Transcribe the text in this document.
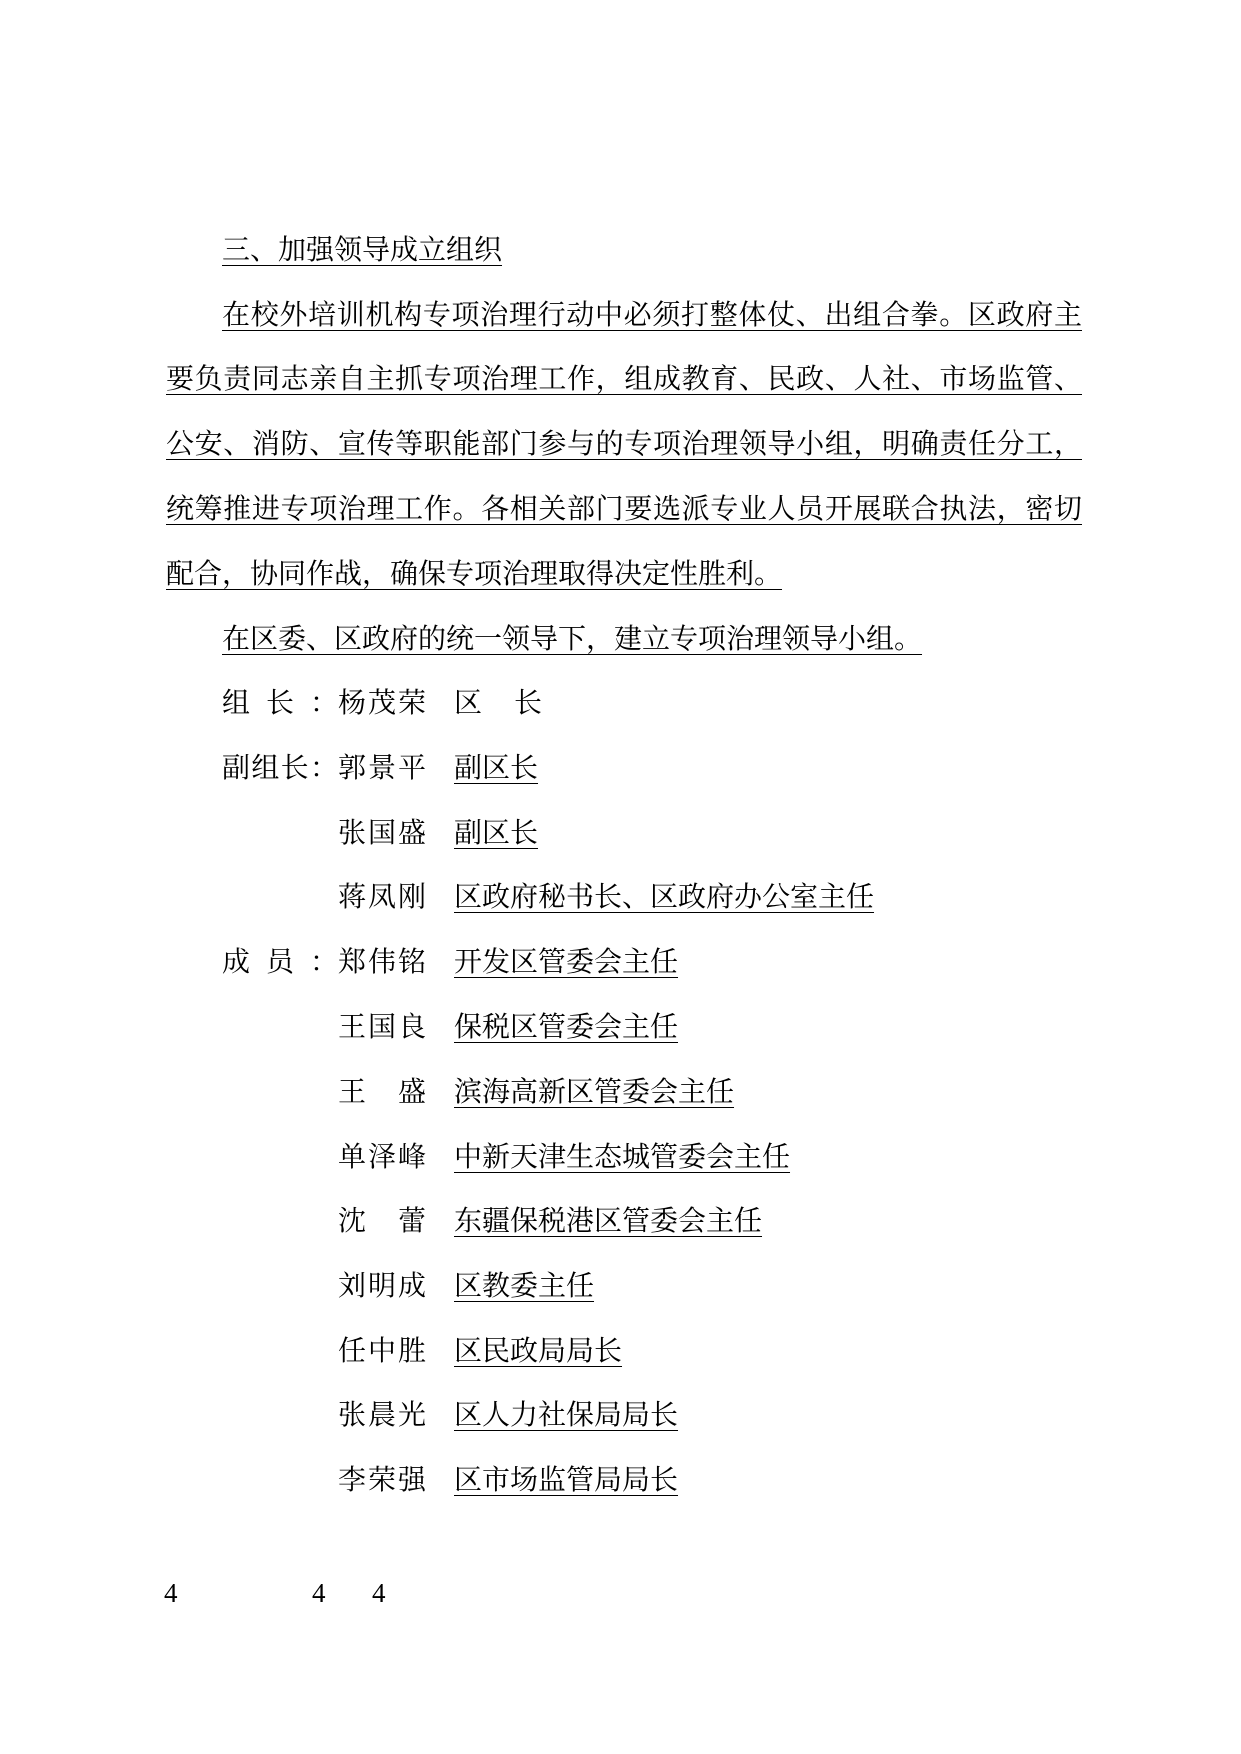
三、加强领导成立组织
在校外培训机构专项治理行动中必须打整体仗、出组合拳。区政府主
要负责同志亲自主抓专项治理工作，组成教育、民政、人社、市场监管、
公安、消防、宣传等职能部门参与的专项治理领导小组，明确责任分工，
统筹推进专项治理工作。各相关部门要选派专业人员开展联合执法，密切
配合，协同作战，确保专项治理取得决定性胜利。
在区委、区政府的统一领导下，建立专项治理领导小组。
组长：杨茂荣 区长
副组长：郭景平 副区长
张国盛 副区长
蒋凤刚 区政府秘书长、区政府办公室主任
成员：郑伟铭 开发区管委会主任
王国良 保税区管委会主任
王盛 滨海高新区管委会主任
单泽峰 中新天津生态城管委会主任
沈蕾 东疆保税港区管委会主任
刘明成 区教委主任
任中胜 区民政局局长
张晨光 区人力社保局局长
李荣强 区市场监管局局长
4	4 4
